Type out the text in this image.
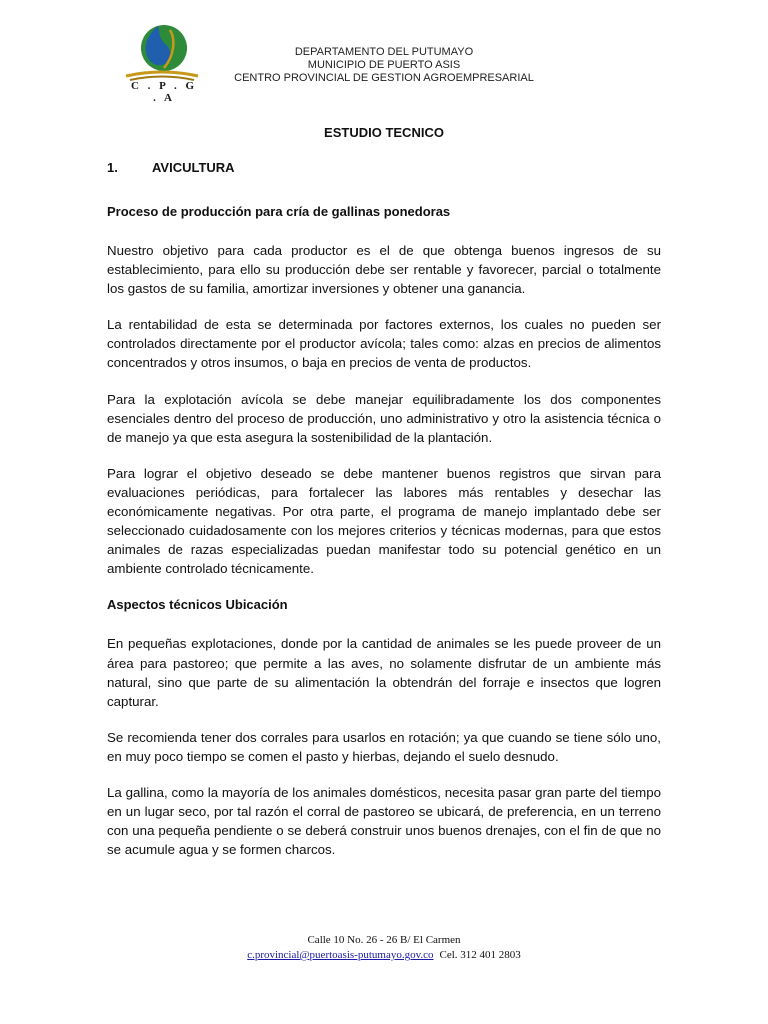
C . P . G . A
DEPARTAMENTO DEL PUTUMAYO
MUNICIPIO DE PUERTO ASIS
CENTRO PROVINCIAL DE GESTION AGROEMPRESARIAL
ESTUDIO TECNICO
1.	AVICULTURA
Proceso de producción para cría de gallinas ponedoras

Nuestro objetivo para cada productor es el de que obtenga buenos ingresos de su establecimiento, para ello su producción debe ser rentable y favorecer, parcial o totalmente los gastos de su familia, amortizar inversiones y obtener una ganancia.

La rentabilidad de esta se determinada por factores externos, los cuales no pueden ser controlados directamente por el productor avícola; tales como: alzas en precios de alimentos concentrados y otros insumos, o baja en precios de venta de productos.

Para la explotación avícola se debe manejar equilibradamente los dos componentes esenciales dentro del proceso de producción, uno administrativo y otro la asistencia técnica o de manejo ya que esta asegura la sostenibilidad de la plantación.

Para lograr el objetivo deseado se debe mantener buenos registros que sirvan para evaluaciones periódicas, para fortalecer las labores más rentables y desechar las económicamente negativas. Por otra parte, el programa de manejo implantado debe ser seleccionado cuidadosamente con los mejores criterios y técnicas modernas, para que estos animales de razas especializadas puedan manifestar todo su potencial genético en un ambiente controlado técnicamente.

Aspectos técnicos Ubicación

En pequeñas explotaciones, donde por la cantidad de animales se les puede proveer de un área para pastoreo; que permite a las aves, no solamente disfrutar de un ambiente más natural, sino que parte de su alimentación la obtendrán del forraje e insectos que logren capturar.

Se recomienda tener dos corrales para usarlos en rotación; ya que cuando se tiene sólo uno, en muy poco tiempo se comen el pasto y hierbas, dejando el suelo desnudo.

La gallina, como la mayoría de los animales domésticos, necesita pasar gran parte del tiempo en un lugar seco, por tal razón el corral de pastoreo se ubicará, de preferencia, en un terreno con una pequeña pendiente o se deberá construir unos buenos drenajes, con el fin de que no se acumule agua y se formen charcos.

Calle 10 No. 26 - 26 B/ El Carmen
c.provincial@puertoasis-putumayo.gov.co Cel. 312 401 2803
